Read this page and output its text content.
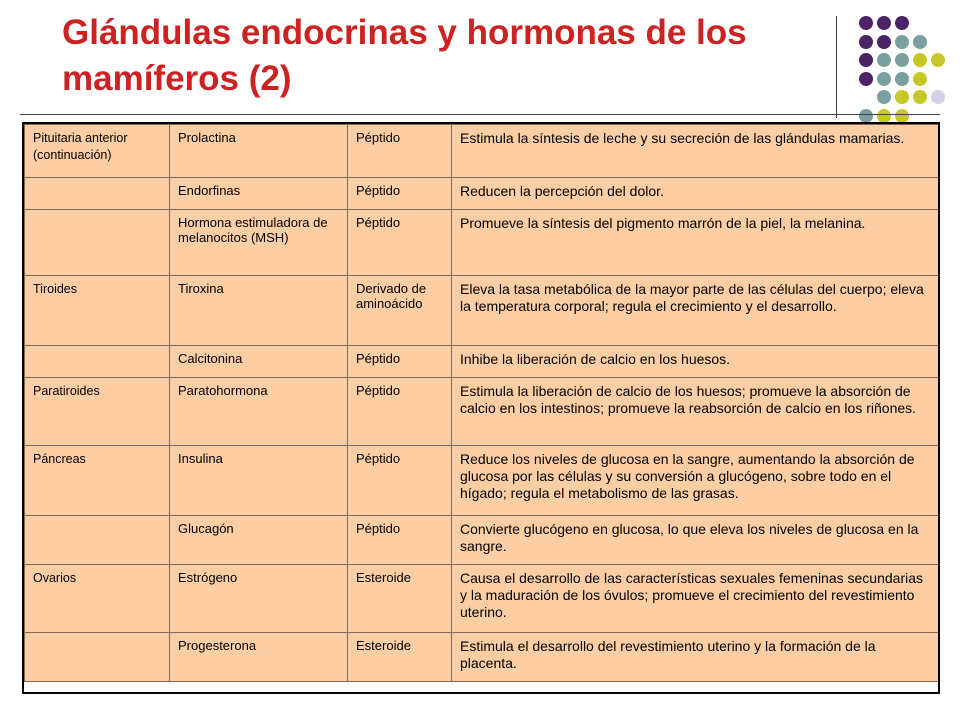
Glándulas endocrinas y hormonas de los mamíferos (2)
Pituitaria anterior (continuación)	Prolactina	Péptido	Estimula la síntesis de leche y su secreción de las glándulas mamarias.
	Endorfinas	Péptido	Reducen la percepción del dolor.
	Hormona estimuladora de melanocitos (MSH)	Péptido	Promueve la síntesis del pigmento marrón de la piel, la melanina.
Tiroides	Tiroxina	Derivado de aminoácido	Eleva la tasa metabólica de la mayor parte de las células del cuerpo; eleva la temperatura corporal; regula el crecimiento y el desarrollo.
	Calcitonina	Péptido	Inhibe la liberación de calcio en los huesos.
Paratiroides	Paratohormona	Péptido	Estimula la liberación de calcio de los huesos; promueve la absorción de calcio en los intestinos; promueve la reabsorción de calcio en los riñones.
Páncreas	Insulina	Péptido	Reduce los niveles de glucosa en la sangre, aumentando la absorción de glucosa por las células y su conversión a glucógeno, sobre todo en el hígado; regula el metabolismo de las grasas.
	Glucagón	Péptido	Convierte glucógeno en glucosa, lo que eleva los niveles de glucosa en la sangre.
Ovarios	Estrógeno	Esteroide	Causa el desarrollo de las características sexuales femeninas secundarias y la maduración de los óvulos; promueve el crecimiento del revestimiento uterino.
	Progesterona	Esteroide	Estimula el desarrollo del revestimiento uterino y la formación de la placenta.
